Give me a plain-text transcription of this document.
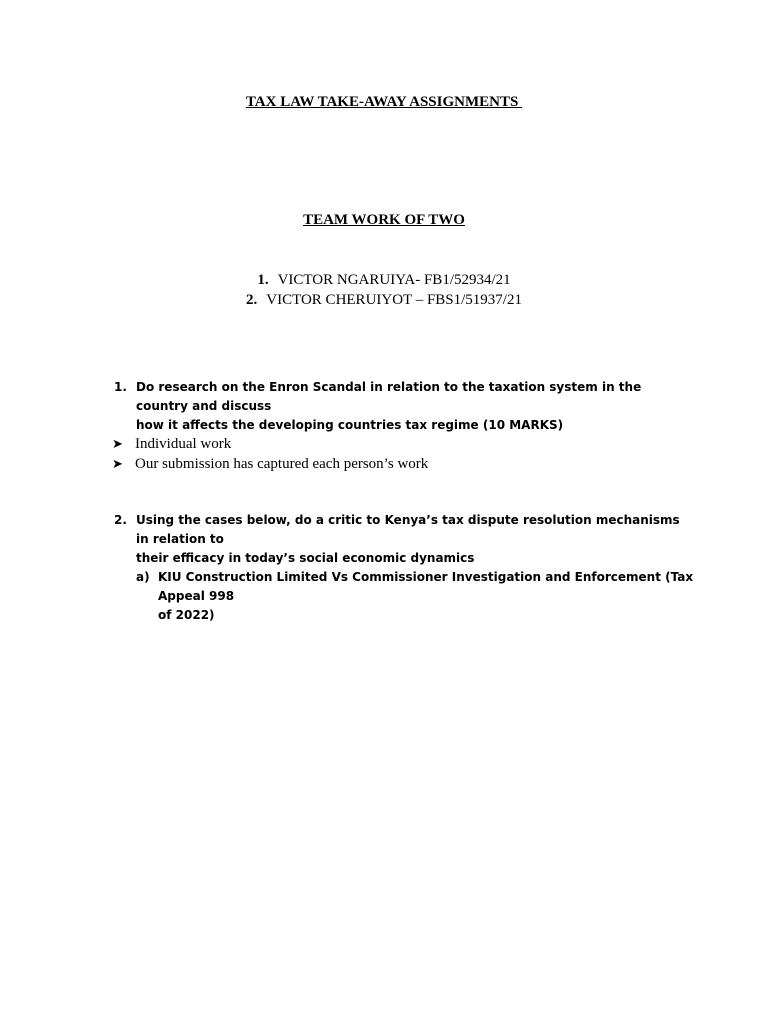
TAX LAW TAKE-AWAY ASSIGNMENTS
TEAM WORK OF TWO
1. VICTOR NGARUIYA- FB1/52934/21
2. VICTOR CHERUIYOT – FBS1/51937/21
1. Do research on the Enron Scandal in relation to the taxation system in the country and discuss
how it affects the developing countries tax regime (10 MARKS)
➤ Individual work
➤ Our submission has captured each person’s work
2. Using the cases below, do a critic to Kenya’s tax dispute resolution mechanisms in relation to
their efficacy in today’s social economic dynamics
a) KIU Construction Limited Vs Commissioner Investigation and Enforcement (Tax Appeal 998
of 2022)
